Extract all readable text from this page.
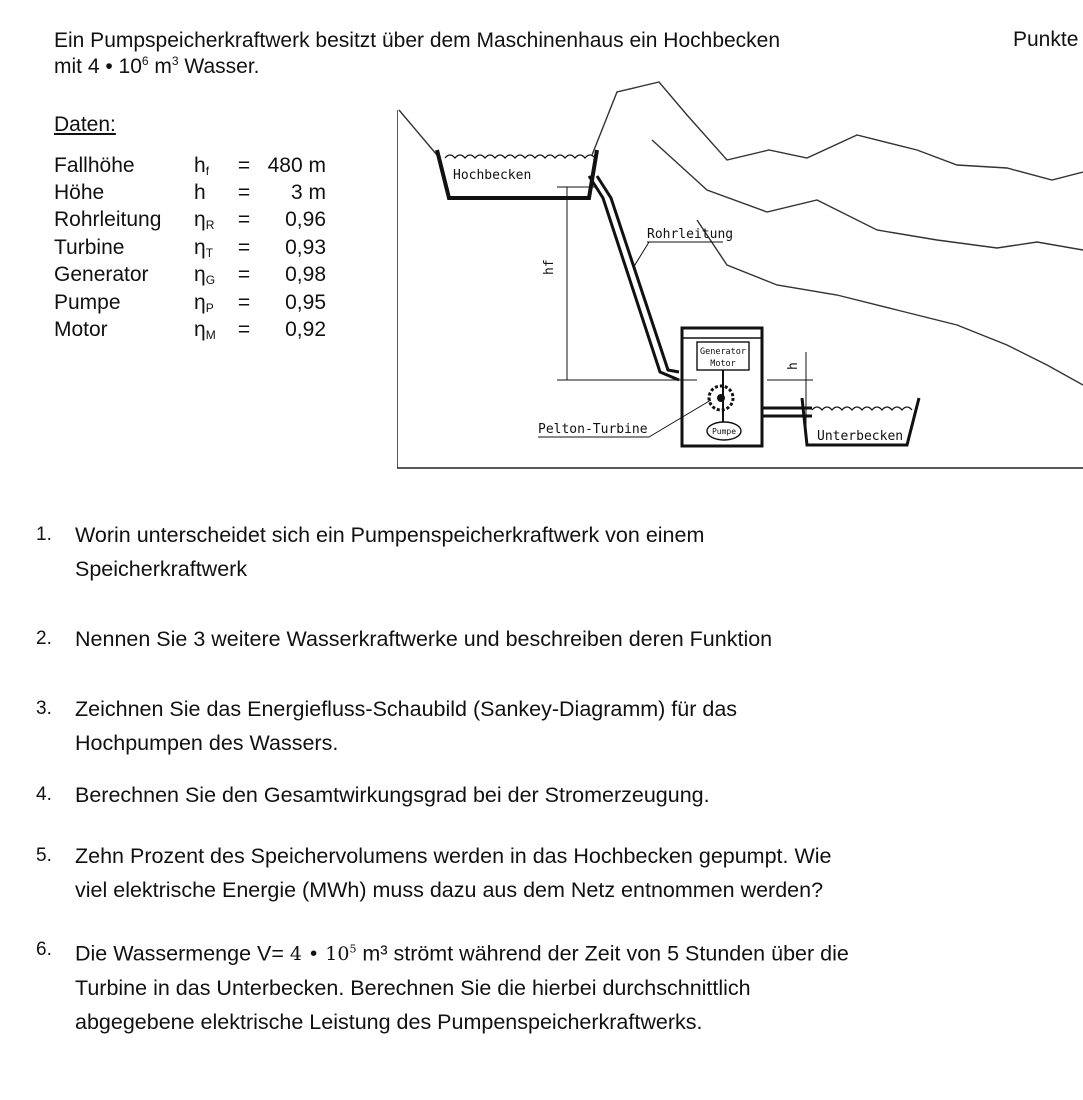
Ein Pumpspeicherkraftwerk besitzt über dem Maschinenhaus ein Hochbecken
mit 4 • $10^6$ $m^3$ Wasser.
Punkte
Daten:
Fallhöhe	$h_f$	=	480 m
Höhe	h	=	3 m
Rohrleitung	$\eta_R$	=	0,96
Turbine	$\eta_T$	=	0,93
Generator	$\eta_G$	=	0,98
Pumpe	$\eta_P$	=	0,95
Motor	$\eta_M$	=	0,92
Hochbecken
Rohrleitung
hf
Generator
Motor
Pumpe	Unterbecken
h
Pelton-Turbine
1. Worin unterscheidet sich ein Pumpenspeicherkraftwerk von einem
Speicherkraftwerk
2. Nennen Sie 3 weitere Wasserkraftwerke und beschreiben deren Funktion
3. Zeichnen Sie das Energiefluss-Schaubild (Sankey-Diagramm) für das
Hochpumpen des Wassers.
4. Berechnen Sie den Gesamtwirkungsgrad bei der Stromerzeugung.
5. Zehn Prozent des Speichervolumens werden in das Hochbecken gepumpt. Wie
viel elektrische Energie (MWh) muss dazu aus dem Netz entnommen werden?
6. Die Wassermenge V= 4 • $10^5$ m³ strömt während der Zeit von 5 Stunden über die
Turbine in das Unterbecken. Berechnen Sie die hierbei durchschnittlich
abgegebene elektrische Leistung des Pumpenspeicherkraftwerks.
